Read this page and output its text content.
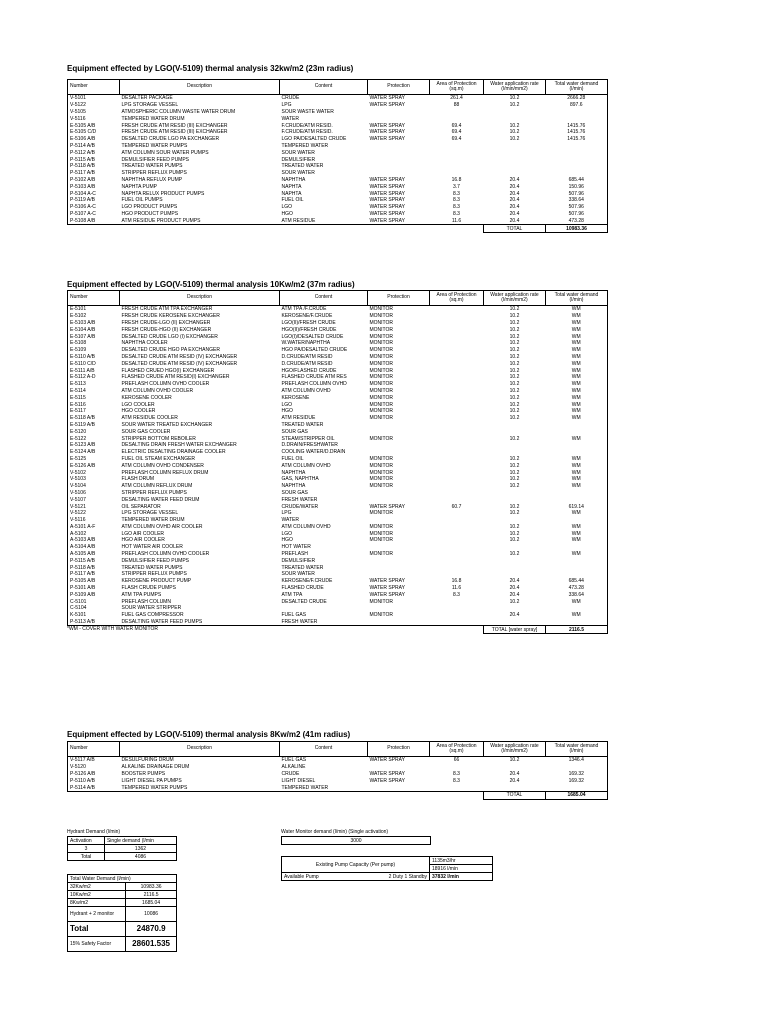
Equipment effected by LGO(V-5109) thermal analysis 32kw/m2 (23m radius)
Number	Description	Content	Protection	Area of Protection (sq.m)	Water application rate (l/min/mm2)	Total water demand (l/min)
V-5101	DESALTER PACKAGE	CRUDE	WATER SPRAY	261.4	10.2	2666.28
V-5122	LPG STORAGE VESSEL	LPG	WATER SPRAY	88	10.2	897.6
V-5105	ATMOSPHERIC COLUMN WASTE WATER DRUM	SOUR WASTE WATER				
V-5116	TEMPERED WATER DRUM	WATER				
E-5105 A/B	FRESH CRUDE ATM RESID (III) EXCHANGER	F.CRUDE/ATM RESID.	WATER SPRAY	69.4	10.2	1415.76
E-5105 C/D	FRESH CRUDE ATM RESID (III) EXCHANGER	F.CRUDE/ATM RESID.	WATER SPRAY	69.4	10.2	1415.76
E-5106 A/B	DESALTED CRUDE LGO PA EXCHANGER	LGO PA/DESALTED CRUDE	WATER SPRAY	69.4	10.2	1415.76
P-5114 A/B	TEMPERED WATER PUMPS	TEMPERED WATER				
P-5112 A/B	ATM COLUMN SOUR WATER PUMPS	SOUR WATER				
P-5115 A/B	DEMULSIFIER FEED PUMPS	DEMULSIFIER				
P-5118 A/B	TREATED WATER PUMPS	TREATED WATER				
P-5117 A/B	STRIPPER REFLUX PUMPS	SOUR WATER				
P-5102 A/B	NAPHTHA REFLUX PUMP	NAPHTHA	WATER SPRAY	16.8	20.4	685.44
P-5103 A/B	NAPHTA PUMP	NAPHTA	WATER SPRAY	3.7	20.4	150.96
P-5104 A-C	NAPHTA RELUX PRODUCT PUMPS	NAPHTA	WATER SPRAY	8.3	20.4	507.96
P-5119 A/B	FUEL OIL PUMPS	FUEL OIL	WATER SPRAY	8.3	20.4	338.64
P-5106 A-C	LGO PRODUCT PUMPS	LGO	WATER SPRAY	8.3	20.4	507.96
P-5107 A-C	HGO PRODUCT PUMPS	HGO	WATER SPRAY	8.3	20.4	507.96
P-5108 A/B	ATM RESIDUE PRODUCT PUMPS	ATM RESIDUE	WATER SPRAY	11.6	20.4	473.28
					TOTAL	10983.36
Equipment effected by LGO(V-5109) thermal analysis 10Kw/m2 (37m radius)
Number	Description	Content	Protection	Area of Protection (sq.m)	Water application rate (l/min/mm2)	Total water demand (l/min)
E-5101	FRESH CRUDE ATM TPA EXCHANGER	ATM TPA /F.CRUDE	MONITOR		10.2	WM
E-5102	FRESH CRUDE KEROSENE EXCHANGER	KEROSENE/F.CRUDE	MONITOR		10.2	WM
E-5103 A/B	FRESH CRUDE-LGO (II) EXCHANGER	LGO(II)/FRESH CRUDE	MONITOR		10.2	WM
E-5104 A/B	FRESH CRUDE-HGO (II) EXCHANGER	HGO(II)/FRESH CRUDE	MONITOR		10.2	WM
E-5107 A/B	DESALTED CRUDE LGO (I) EXCHANGER	LGO(I)/DESALTED CRUDE	MONITOR		10.2	WM
E-5108	NAPHTHA COOLER	W.WATER/NAPHTHA	MONITOR		10.2	WM
E-5109	DESALTED CRUDE HGO PA EXCHANGER	HGO PA/DESALTED CRUDE	MONITOR		10.2	WM
E-5110 A/B	DESALTED CRUDE ATM RESID (IV) EXCHANGER	D.CRUDE/ATM RESID	MONITOR		10.2	WM
E-5110 C/D	DESALTED CRUDE ATM RESID (IV) EXCHANGER	D.CRUDE/ATM RESID	MONITOR		10.2	WM
E-5111 A/B	FLASHED CRUED HGO(I) EXCHANGER	HGO/FLASHED CRUDE	MONITOR		10.2	WM
E-5112 A-D	FLASHED CRUDE ATM RESID(I) EXCHANGER	FLASHED CRUDE ATM RES	MONITOR		10.2	WM
E-5113	PREFLASH COLUMN OVHD COOLER	PREFLASH COLUMN OVHD	MONITOR		10.2	WM
E-5114	ATM COLUMN OVHD COOLER	ATM COLUMN OVHD	MONITOR		10.2	WM
E-5115	KEROSENE COOLER	KEROSENE	MONITOR		10.2	WM
E-5116	LGO COOLER	LGO	MONITOR		10.2	WM
E-5117	HGO COOLER	HGO	MONITOR		10.2	WM
E-5118 A/B	ATM RESIDUE COOLER	ATM RESIDUE	MONITOR		10.2	WM
E-5119 A/B	SOUR WATER TREATED EXCHANGER	TREATED WATER				
E-5120	SOUR GAS COOLER	SOUR GAS				
E-5122	STRIPPER BOTTOM REBOILER	STEAM/STRIPPER OIL	MONITOR		10.2	WM
E-5123 A/B	DESALTING DRAIN FRESH WATER EXCHANGER	D.DRAIN/FRESHWATER				
E-5124 A/B	ELECTRIC DESALTING DRAINAGE COOLER	COOLING WATER/D.DRAIN				
E-5125	FUEL OIL STEAM EXCHANGER	FUEL OIL	MONITOR		10.2	WM
E-5126 A/B	ATM COLUMN OVHD CONDENSER	ATM COLUMN OVHD	MONITOR		10.2	WM
V-5102	PREFLASH COLUMN REFLUX DRUM	NAPHTHA	MONITOR		10.2	WM
V-5103	FLASH DRUM	GAS, NAPHTHA	MONITOR		10.2	WM
V-5104	ATM COLUMN REFLUX DRUM	NAPHTHA	MONITOR		10.2	WM
V-5106	STRIPPER REFLUX PUMPS	SOUR GAS				
V-5107	DESALTING WATER FEED DRUM	FRESH WATER				
V-5121	OIL SEPARATOR	CRUDE/WATER	WATER SPRAY	60.7	10.2	619.14
V-5122	LPG STORAGE VESSEL	LPG	MONITOR		10.2	WM
V-5116	TEMPERED WATER DRUM	WATER				
A-5101 A-F	ATM COLUMN OVHD AIR COOLER	ATM COLUMN OVHD	MONITOR		10.2	WM
A-5102	LGO AIR COOLER	LGO	MONITOR		10.2	WM
A-5103 A/B	HGO AIR COOLER	HGO	MONITOR		10.2	WM
A-5104 A/B	HOT WATER AIR COOLER	HOT WATER				
A-5105 A/B	PREFLASH COLUMN OVHD COOLER	PREFLASH	MONITOR		10.2	WM
P-5115 A/B	DEMULSIFIER FEED PUMPS	DEMULSIFIER				
P-5118 A/B	TREATED WATER PUMPS	TREATED WATER				
P-5117 A/B	STRIPPER REFLUX PUMPS	SOUR WATER				
P-5105 A/B	KEROSENE PRODUCT PUMP	KEROSENE/F.CRUDE	WATER SPRAY	16.8	20.4	685.44
P-5101 A/B	FLASH CRUDE PUMPS	FLASHED CRUDE	WATER SPRAY	11.6	20.4	473.28
P-5109 A/B	ATM TPA PUMPS	ATM TPA	WATER SPRAY	8.3	20.4	338.64
C-5101	PREFLASH COLUMN	DESALTED CRUDE	MONITOR		10.2	WM
C-5104	SOUR WATER STRIPPER					
K-5101	FUEL GAS COMPRESSOR	FUEL GAS	MONITOR		20.4	WM
P-5113 A/B	DESALTING WATER FEED PUMPS	FRESH WATER				
					TOTAL [water spray]	2116.5
Equipment effected by LGO(V-5109) thermal analysis 8Kw/m2 (41m radius)
Number	Description	Content	Protection	Area of Protection (sq.m)	Water application rate (l/min/mm2)	Total water demand (l/min)
V-5117 A/B	DESULFURING DRUM	FUEL GAS	WATER SPRAY	66	10.2	1346.4
V-5120	ALKALINE DRAINAGE DRUM	ALKALINE				
P-5126 A/B	BOOSTER PUMPS	CRUDE	WATER SPRAY	8.3	20.4	169.32
P-5110 A/B	LIGHT DIESEL PA PUMPS	LIGHT DIESEL	WATER SPRAY	8.3	20.4	169.32
P-5114 A/B	TEMPERED WATER PUMPS	TEMPERED WATER				
					TOTAL	1685.04
Hydrant Demand (l/min)
Activation	Single demand (l/min
3	1362
Total	4086
Total Water Demand (l/min)	
32Kw/m2	10983.36
10Kw/m2	2116.5
8Kw/m2	1685.04
Hydrant + 2 monitor	10086
Total	24870.9
15% Safety Factor	28601.535
Water Monitor demand (l/min) (Single activation)
3000
Existing Pump Capacity (Per pump)	1135m3/hr
	18916 l/min
Available Pump 2 Duty 1 Standby	37832 l/min
*WM - COVER WITH WATER MONITOR
